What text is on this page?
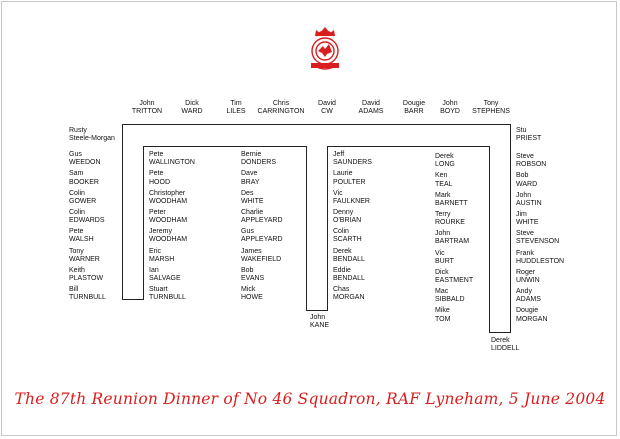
John
TRITTON
Dick
WARD
Tim
LILES
Chris
CARRINGTON
David
CW
David
ADAMS
Dougie
BARR
John
BOYD
Tony
STEPHENS
Rusty
Steele-Morgan
Stu
PRIEST
Gus
WEEDON
Sam
BOOKER
Colin
GOWER
Colin
EDWARDS
Pete
WALSH
Tony
WARNER
Keith
PLASTOW
Bill
TURNBULL
Pete
WALLINGTON
Pete
HOOD
Christopher
WOODHAM
Peter
WOODHAM
Jeremy
WOODHAM
Eric
MARSH
Ian
SALVAGE
Stuart
TURNBULL
Bernie
DONDERS
Dave
BRAY
Des
WHITE
Charlie
APPLEYARD
Gus
APPLEYARD
James
WAKEFIELD
Bob
EVANS
Mick
HOWE
Jeff
SAUNDERS
Laurie
POULTER
Vic
FAULKNER
Denny
O'BRIAN
Colin
SCARTH
Derek
BENDALL
Eddie
BENDALL
Chas
MORGAN
Derek
LONG
Ken
TEAL
Mark
BARNETT
Terry
ROURKE
John
BARTRAM
Vic
BURT
Dick
EASTMENT
Mac
SIBBALD
Mike
TOM
Steve
ROBSON
Bob
WARD
John
AUSTIN
Jim
WHITE
Steve
STEVENSON
Frank
HUDDLESTON
Roger
UNWIN
Andy
ADAMS
Dougie
MORGAN
John
KANE
Derek
LIDDELL
The 87th Reunion Dinner of No 46 Squadron, RAF Lyneham, 5 June 2004
